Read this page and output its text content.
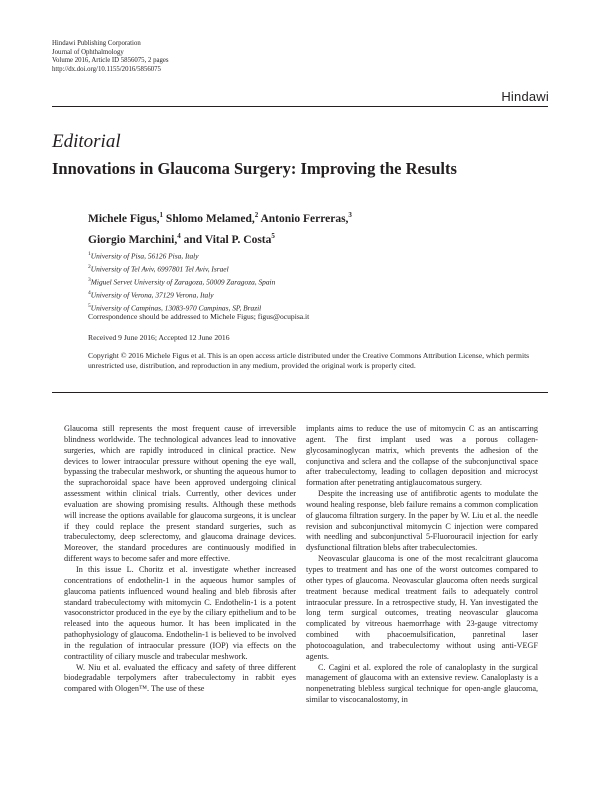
Hindawi Publishing Corporation
Journal of Ophthalmology
Volume 2016, Article ID 5856075, 2 pages
http://dx.doi.org/10.1155/2016/5856075
Hindawi
Editorial
Innovations in Glaucoma Surgery: Improving the Results
Michele Figus,$^1$ Shlomo Melamed,$^2$ Antonio Ferreras,$^3$
Giorgio Marchini,$^4$ and Vital P. Costa$^5$
$^1$University of Pisa, 56126 Pisa, Italy
$^2$University of Tel Aviv, 6997801 Tel Aviv, Israel
$^3$Miguel Servet University of Zaragoza, 50009 Zaragoza, Spain
$^4$University of Verona, 37129 Verona, Italy
$^5$University of Campinas, 13083-970 Campinas, SP, Brazil
Correspondence should be addressed to Michele Figus; figus@ocupisa.it
Received 9 June 2016; Accepted 12 June 2016
Copyright © 2016 Michele Figus et al. This is an open access article distributed under the Creative Commons Attribution License, which permits unrestricted use, distribution, and reproduction in any medium, provided the original work is properly cited.

Glaucoma still represents the most frequent cause of irreversible blindness worldwide. The technological advances lead to innovative surgeries, which are rapidly introduced in clinical practice. New devices to lower intraocular pressure without opening the eye wall, bypassing the trabecular meshwork, or shunting the aqueous humor to the suprachoroidal space have been approved undergoing clinical assessment within clinical trials. Currently, other devices under evaluation are showing promising results. Although these methods will increase the options available for glaucoma surgeons, it is unclear if they could replace the present standard surgeries, such as trabeculectomy, deep sclerectomy, and glaucoma drainage devices. Moreover, the standard procedures are continuously modified in different ways to become safer and more effective.

In this issue L. Choritz et al. investigate whether increased concentrations of endothelin-1 in the aqueous humor samples of glaucoma patients influenced wound healing and bleb fibrosis after standard trabeculectomy with mitomycin C. Endothelin-1 is a potent vasoconstrictor produced in the eye by the ciliary epithelium and to be released into the aqueous humor. It has been implicated in the pathophysiology of glaucoma. Endothelin-1 is believed to be involved in the regulation of intraocular pressure (IOP) via effects on the contractility of ciliary muscle and trabecular meshwork.

W. Niu et al. evaluated the efficacy and safety of three different biodegradable terpolymers after trabeculectomy in rabbit eyes compared with Ologen™. The use of these

implants aims to reduce the use of mitomycin C as an antiscarring agent. The first implant used was a porous collagen-glycosaminoglycan matrix, which prevents the adhesion of the conjunctiva and sclera and the collapse of the subconjunctival space after trabeculectomy, leading to collagen deposition and microcyst formation after penetrating antiglaucomatous surgery.

Despite the increasing use of antifibrotic agents to modulate the wound healing response, bleb failure remains a common complication of glaucoma filtration surgery. In the paper by W. Liu et al. the needle revision and subconjunctival mitomycin C injection were compared with needling and subconjunctival 5-Fluorouracil injection for early dysfunctional filtration blebs after trabeculectomies.

Neovascular glaucoma is one of the most recalcitrant glaucoma types to treatment and has one of the worst outcomes compared to other types of glaucoma. Neovascular glaucoma often needs surgical treatment because medical treatment fails to adequately control intraocular pressure. In a retrospective study, H. Yan investigated the long term surgical outcomes, treating neovascular glaucoma complicated by vitreous haemorrhage with 23-gauge vitrectomy combined with phacoemulsification, panretinal laser photocoagulation, and trabeculectomy without using anti-VEGF agents.

C. Cagini et al. explored the role of canaloplasty in the surgical management of glaucoma with an extensive review. Canaloplasty is a nonpenetrating blebless surgical technique for open-angle glaucoma, similar to viscocanalostomy, in
